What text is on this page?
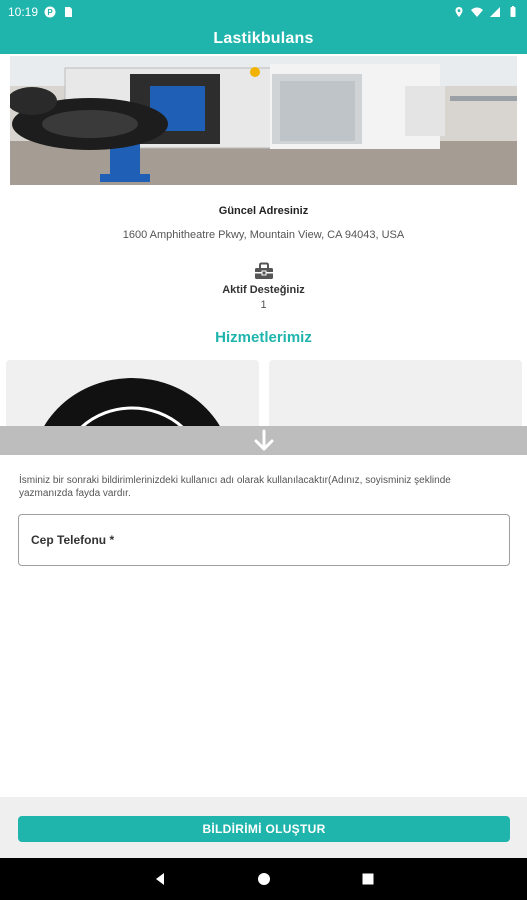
10:19 P
Lastikbulans
Güncel Adresiniz
1600 Amphitheatre Pkwy, Mountain View, CA 94043, USA
Aktif Desteğiniz
1
Hizmetlerimiz
İsminiz bir sonraki bildirimlerinizdeki kullanıcı adı olarak kullanılacaktır(Adınız, soyisminiz şeklinde yazmanızda fayda vardır.
Cep Telefonu *
BİLDİRİMİ OLUŞTUR
